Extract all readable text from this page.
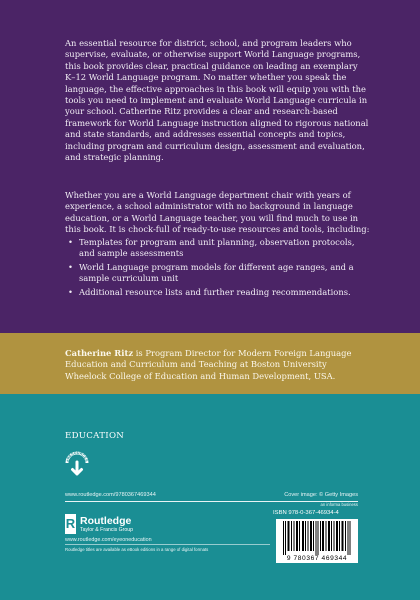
An essential resource for district, school, and program leaders who supervise, evaluate, or otherwise support World Language programs, this book provides clear, practical guidance on leading an exemplary K–12 World Language program. No matter whether you speak the language, the effective approaches in this book will equip you with the tools you need to implement and evaluate World Language curricula in your school. Catherine Ritz provides a clear and research-based framework for World Language instruction aligned to rigorous national and state standards, and addresses essential concepts and topics, including program and curriculum design, assessment and evaluation, and strategic planning.

Whether you are a World Language department chair with years of experience, a school administrator with no background in language education, or a World Language teacher, you will find much to use in this book. It is chock-full of ready-to-use resources and tools, including:

• Templates for program and unit planning, observation protocols, and sample assessments
• World Language program models for different age ranges, and a sample curriculum unit
• Additional resource lists and further reading recommendations.

Catherine Ritz is Program Director for Modern Foreign Language Education and Curriculum and Teaching at Boston University Wheelock College of Education and Human Development, USA.

EDUCATION

eRESOURCES
www.routledge.com/9780367469344	Cover image: © Getty Images
an informa business
R Routledge
Taylor & Francis Group
www.routledge.com/eyeoneducation
Routledge titles are available as eBook editions in a range of digital formats
ISBN 978-0-367-46934-4
9 780367 469344
